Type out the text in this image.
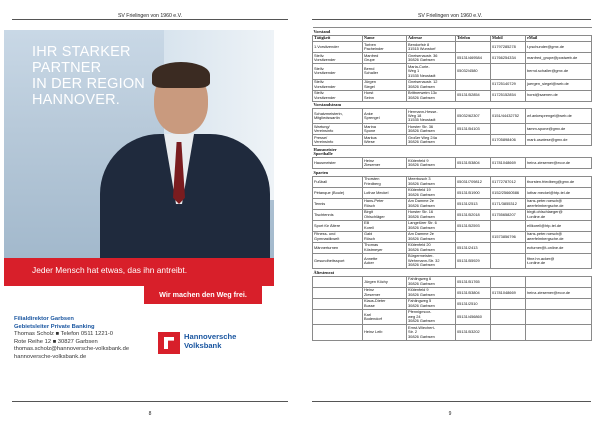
SV Frielingen von 1960 e.V.
IHR STARKER
PARTNER
IN DER REGION
HANNOVER.
Jeder Mensch hat etwas, das ihn antreibt.
Wir machen den Weg frei.
Filialdirektor Garbsen
Gebietsleiter Private Banking
Thomas Scholz ■ Telefon 0511 1221-0
Rote Reihe 12 ■ 30827 Garbsen
thomas.scholz@hannoversche-volksbank.de
hannoversche-volksbank.de
Hannoversche
Volksbank
8
SV Frielingen von 1960 e.V.
Vorstand					
Tätigkeit	Name	Adresse	Telefon	Mobil	eMail
1.Vorsitzender	Torben
Pacheinder	Bendorfstr 8
31515 Wunstorf		01797285278	t.pschunder@gmx.de
Stellv.
Vorsitzender	Manfred
Grupe	Gneisenaustr. 36
30826 Garbsen	05131/469584	01766254334	manfred_grupe@postweb.de
Stellv.
Vorsitzender	Bernd
Schaller	Maria-Curie-
Weg 1
31535 Neustadt	05032/4580		bernd.schaller@gmx.de
Stellv.
Vorsitzender	Jürgen
Siegel	Gneisenaustr. 12
30826 Garbsen		01725140729	juergen_siegel@web.de
Stellv.
Vorsitzender	Horst
Seinn	Brittnerweim 13c
30826 Garbsen	05131/52854	01725152854	horst@saenen.de
Vorstandsteam					
Schatzmeisterin,
Mitgliedswartin	Anke
Sprengel	Hermann-Hesse-
Weg 18
31535 Neustadt	05032/62307	0151/44432752	wf.ankesprengel@web.de
Wartung/
Vereinsinfo	Marina
Spone	Horster Str. 36
30826 Garbsen	05131/54103		tamm-spone@gmx.de
Presse/
Vereinsinfo	Markus
Wiese	Großer Weg 24a
30826 Garbsen		01705898406	mark.uswiese@gmx.de
Hausmeister
Sportballe					
Hausmeister	Heinz
Ziesemer	Klütenfeld 9
30826 Garbsen	05131/53804	01781048669	heinz-ziesemer@ecor.de
Sparten					
Fußball	Thorsten
Friedberg	Meerbusch 3
30826 Garbsen	05031/709812	01772787012	thorsten.friedberg@gmx.de
Pétanque (Boule)	Lothar Meckel	Klütenfeld 19
30826 Garbsen	05131/51900	0152/25660586	lothar.meckel@htp-tel.de
Tennis	Hans-Peter
Rösch	Am Damme 2e
30826 Garbsen	05131/2513	0171/3855312	hans-peter.roesch@
aeerfelmbergsche.de
Tischtennis	Birgit
Ohlschläger	Horster Str. 16
30826 Garbsen	05131/52018	01755658207	birgit.ohlschlaeger@
t-online.de
Sport für Ältere	Elli
Korell	Langelürer Str. 6
30826 Garbsen	05131/52593		elllkorell@htp-tel.de
Fitness- und
Gymnastikwelt	Gabi
Rösch	Am Damme 2e
30826 Garbsen		01573856796	hans-peter.roesch@
aeerfelmbergsche.de
Männerturnen	Thomas
Köstmeyer	Klütenfeld 20
30826 Garbsen	05131/2413		ecfurner@t-online.de
Gesundheitssport	Annette
Acker	Bürgermeister-
Wehrmann-Str. 32
30826 Garbsen	05131/55929		fitne.hn.acker@
t-online.de
Ältestenrat					
	Jürgen Köchy	Fahlingweg 6
30826 Garbsen	05131/51765		
	Heinz
Ziesemer	Klütenfeld 9
30826 Garbsen	05131/53804	01781048669	heinz-ziesemer@ecor.de
	Klaus-Dieter
Busse	Fahlingweg 5
30826 Garbsen	05131/2510		
	Karl
Bodendorf	Pfennigmoor-
weg 24
30826 Garbsen	05131/456860		
	Heinz Leib	Ernst-Wiechert-
Str. 2
30826 Garbsen	05131/53202		
9
